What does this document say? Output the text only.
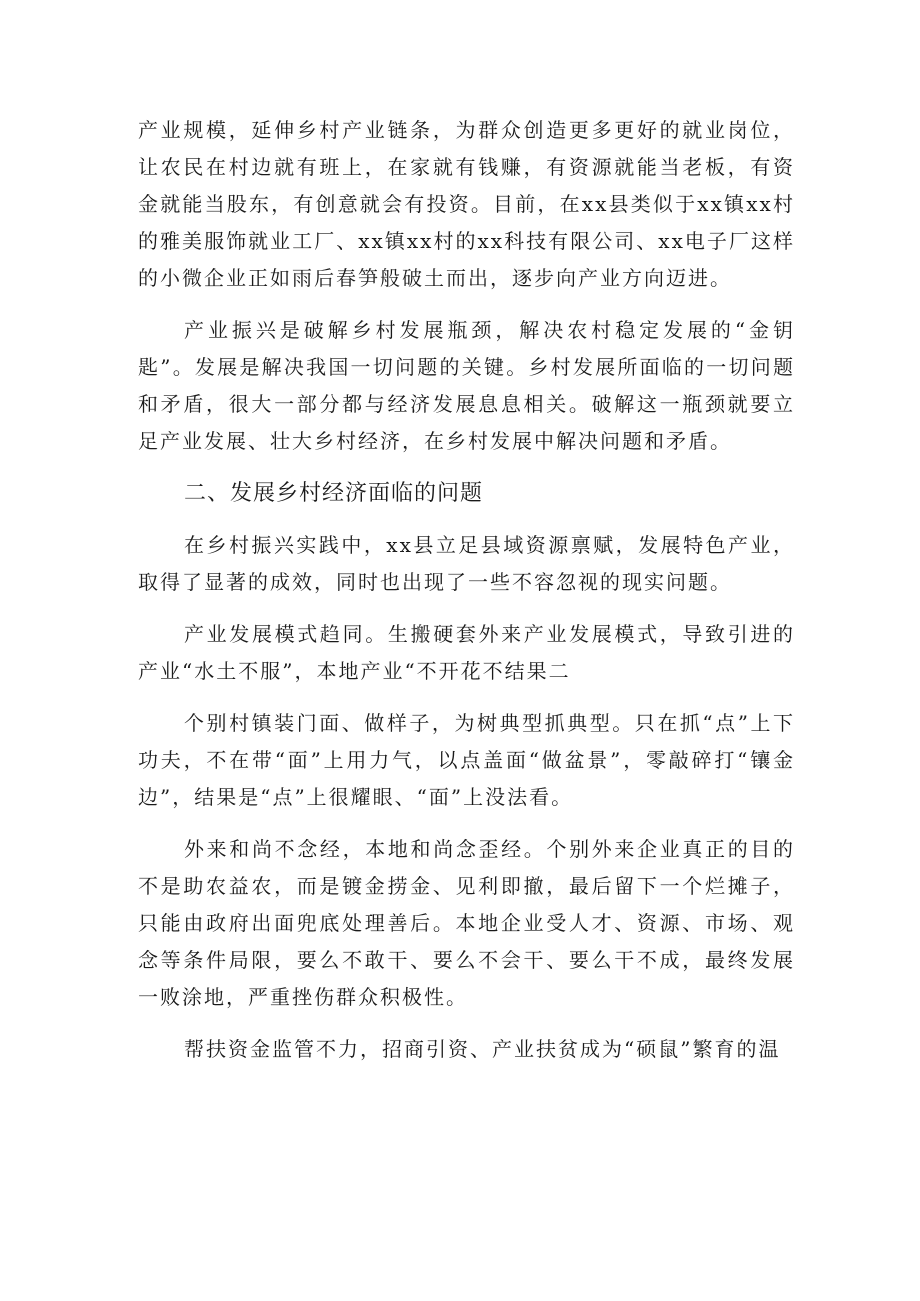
产业规模，延伸乡村产业链条，为群众创造更多更好的就业岗位，让农民在村边就有班上，在家就有钱赚，有资源就能当老板，有资金就能当股东，有创意就会有投资。目前，在xx县类似于xx镇xx村的雅美服饰就业工厂、xx镇xx村的xx科技有限公司、xx电子厂这样的小微企业正如雨后春笋般破土而出，逐步向产业方向迈进。

产业振兴是破解乡村发展瓶颈，解决农村稳定发展的“金钥匙”。发展是解决我国一切问题的关键。乡村发展所面临的一切问题和矛盾，很大一部分都与经济发展息息相关。破解这一瓶颈就要立足产业发展、壮大乡村经济，在乡村发展中解决问题和矛盾。

二、发展乡村经济面临的问题

在乡村振兴实践中，xx县立足县域资源禀赋，发展特色产业，取得了显著的成效，同时也出现了一些不容忽视的现实问题。

产业发展模式趋同。生搬硬套外来产业发展模式，导致引进的产业“水土不服”，本地产业“不开花不结果二

个别村镇装门面、做样子，为树典型抓典型。只在抓“点”上下功夫，不在带“面”上用力气，以点盖面“做盆景”，零敲碎打“镶金边”，结果是“点”上很耀眼、“面”上没法看。

外来和尚不念经，本地和尚念歪经。个别外来企业真正的目的不是助农益农，而是镀金捞金、见利即撤，最后留下一个烂摊子，只能由政府出面兜底处理善后。本地企业受人才、资源、市场、观念等条件局限，要么不敢干、要么不会干、要么干不成，最终发展一败涂地，严重挫伤群众积极性。

帮扶资金监管不力，招商引资、产业扶贫成为“硕鼠”繁育的温
